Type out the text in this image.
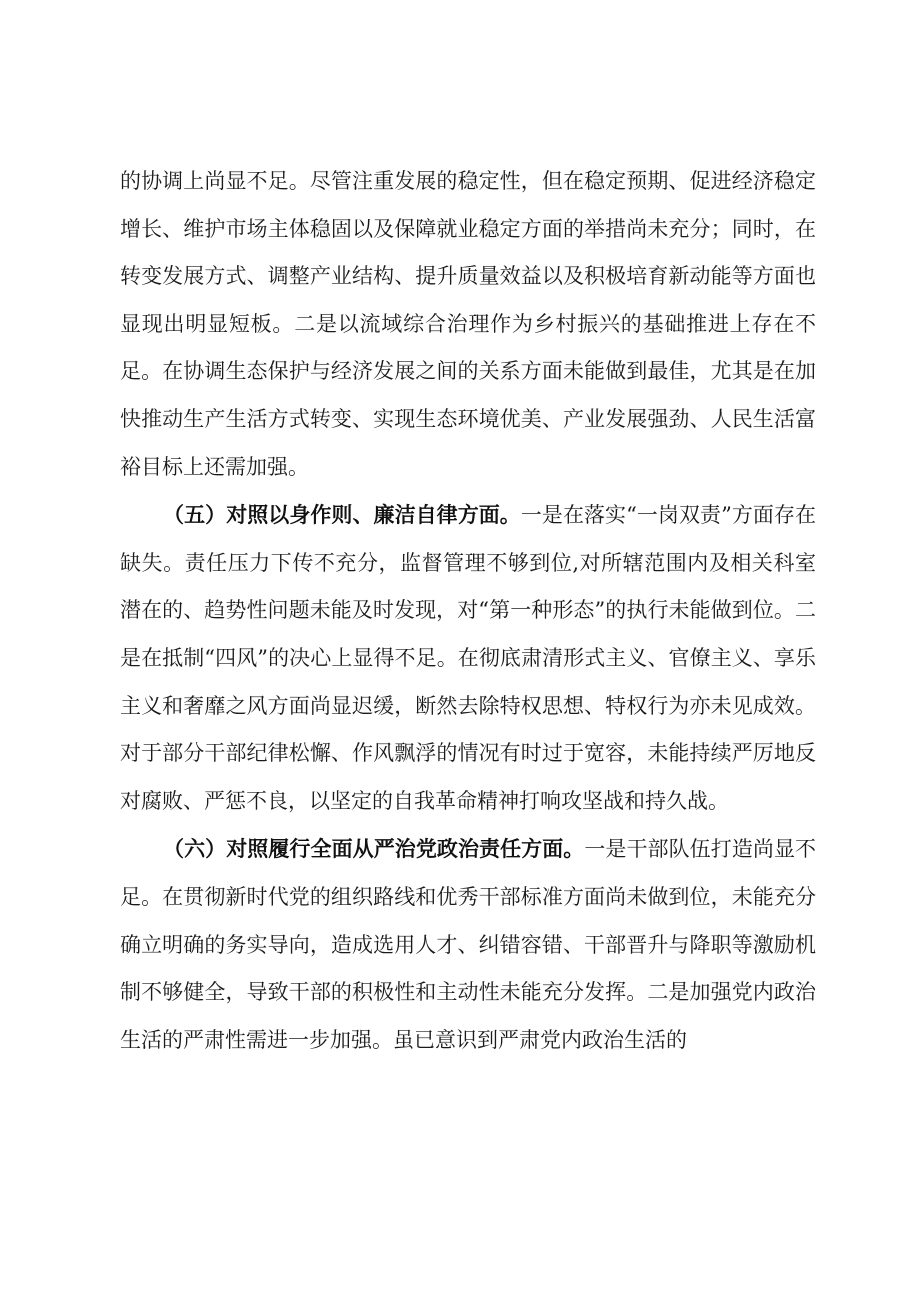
的协调上尚显不足。尽管注重发展的稳定性，但在稳定预期、促进经济稳定增长、维护市场主体稳固以及保障就业稳定方面的举措尚未充分；同时，在转变发展方式、调整产业结构、提升质量效益以及积极培育新动能等方面也显现出明显短板。二是以流域综合治理作为乡村振兴的基础推进上存在不足。在协调生态保护与经济发展之间的关系方面未能做到最佳，尤其是在加快推动生产生活方式转变、实现生态环境优美、产业发展强劲、人民生活富裕目标上还需加强。

（五）对照以身作则、廉洁自律方面。一是在落实“一岗双责”方面存在缺失。责任压力下传不充分，监督管理不够到位,对所辖范围内及相关科室潜在的、趋势性问题未能及时发现，对“第一种形态”的执行未能做到位。二是在抵制“四风”的决心上显得不足。在彻底肃清形式主义、官僚主义、享乐主义和奢靡之风方面尚显迟缓，断然去除特权思想、特权行为亦未见成效。对于部分干部纪律松懈、作风飘浮的情况有时过于宽容，未能持续严厉地反对腐败、严惩不良，以坚定的自我革命精神打响攻坚战和持久战。

（六）对照履行全面从严治党政治责任方面。一是干部队伍打造尚显不足。在贯彻新时代党的组织路线和优秀干部标准方面尚未做到位，未能充分确立明确的务实导向，造成选用人才、纠错容错、干部晋升与降职等激励机制不够健全，导致干部的积极性和主动性未能充分发挥。二是加强党内政治生活的严肃性需进一步加强。虽已意识到严肃党内政治生活的
